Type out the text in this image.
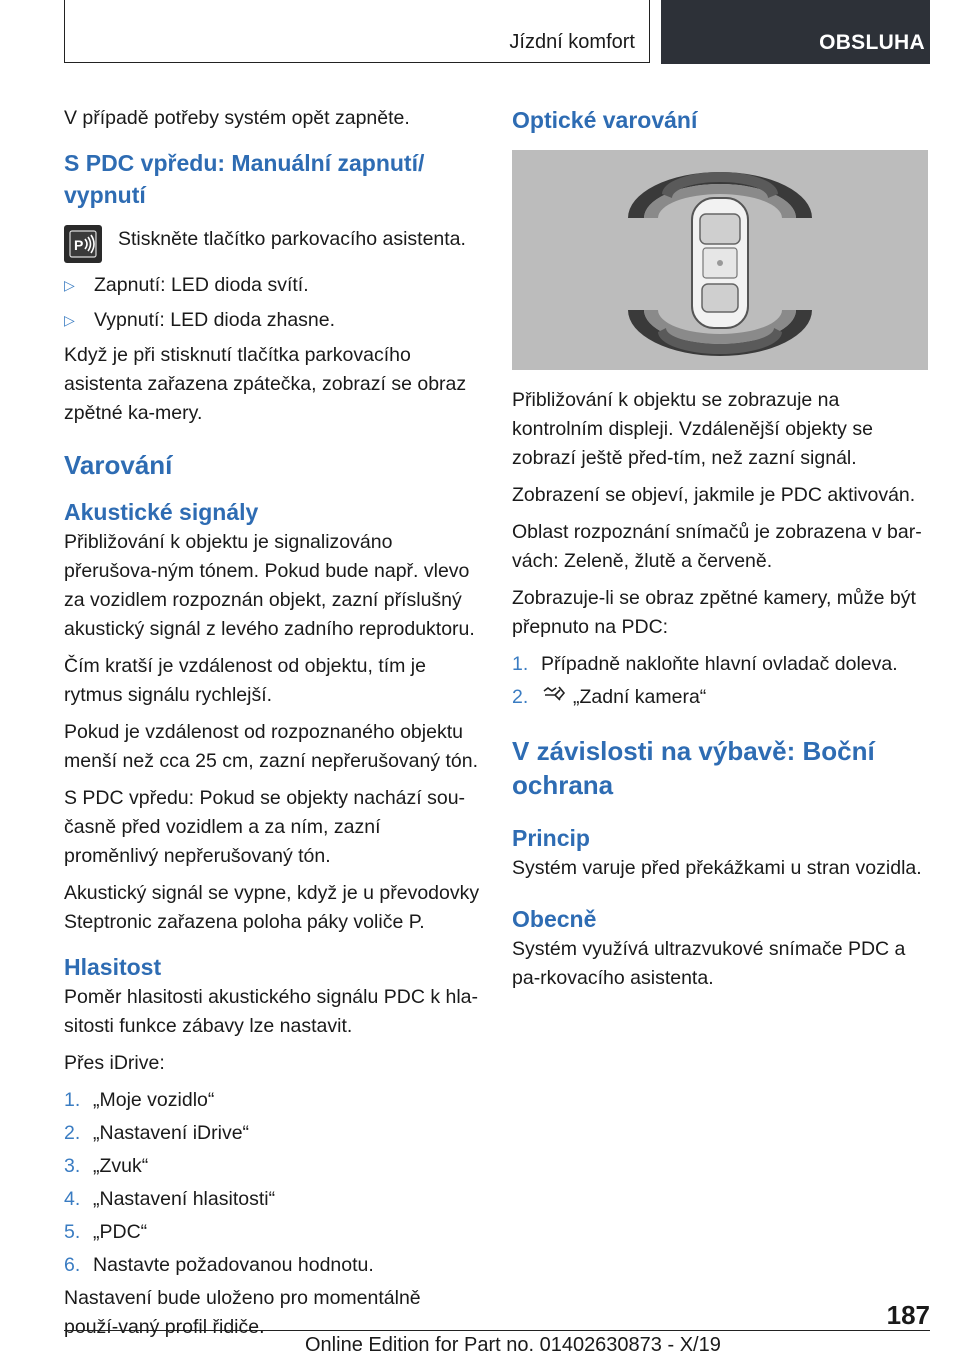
Jízdní komfort	OBSLUHA

V případě potřeby systém opět zapněte.

S PDC vpředu: Manuální zapnutí/ vypnutí
P Stiskněte tlačítko parkovacího asistenta.

▷ Zapnutí: LED dioda svítí.
▷ Vypnutí: LED dioda zhasne.

Když je při stisknutí tlačítka parkovacího asistenta zařazena zpátečka, zobrazí se obraz zpětné ka-mery.

Varování
Akustické signály

Přibližování k objektu je signalizováno přerušova-ným tónem. Pokud bude např. vlevo za vozidlem rozpoznán objekt, zazní příslušný akustický signál z levého zadního reproduktoru.

Čím kratší je vzdálenost od objektu, tím je rytmus signálu rychlejší.

Pokud je vzdálenost od rozpoznaného objektu menší než cca 25 cm, zazní nepřerušovaný tón.

S PDC vpředu: Pokud se objekty nachází sou-časně před vozidlem a za ním, zazní proměnlivý nepřerušovaný tón.

Akustický signál se vypne, když je u převodovky Steptronic zařazena poloha páky voliče P.

Hlasitost

Poměr hlasitosti akustického signálu PDC k hla-sitosti funkce zábavy lze nastavit.

Přes iDrive:

1. „Moje vozidlo“
2. „Nastavení iDrive“
3. „Zvuk“
4. „Nastavení hlasitosti“
5. „PDC“
6. Nastavte požadovanou hodnotu.

Nastavení bude uloženo pro momentálně použí-vaný profil řidiče.

Optické varování

Přibližování k objektu se zobrazuje na kontrolním displeji. Vzdálenější objekty se zobrazí ještě před-tím, než zazní signál.

Zobrazení se objeví, jakmile je PDC aktivován.

Oblast rozpoznání snímačů je zobrazena v bar-vách: Zeleně, žlutě a červeně.

Zobrazuje-li se obraz zpětné kamery, může být přepnuto na PDC:

1. Případně nakloňte hlavní ovladač doleva.
2.	„Zadní kamera“
V závislosti na výbavě: Boční ochrana
Princip

Systém varuje před překážkami u stran vozidla.

Obecně

Systém využívá ultrazvukové snímače PDC a pa-rkovacího asistenta.

187
Online Edition for Part no. 01402630873 - X/19
